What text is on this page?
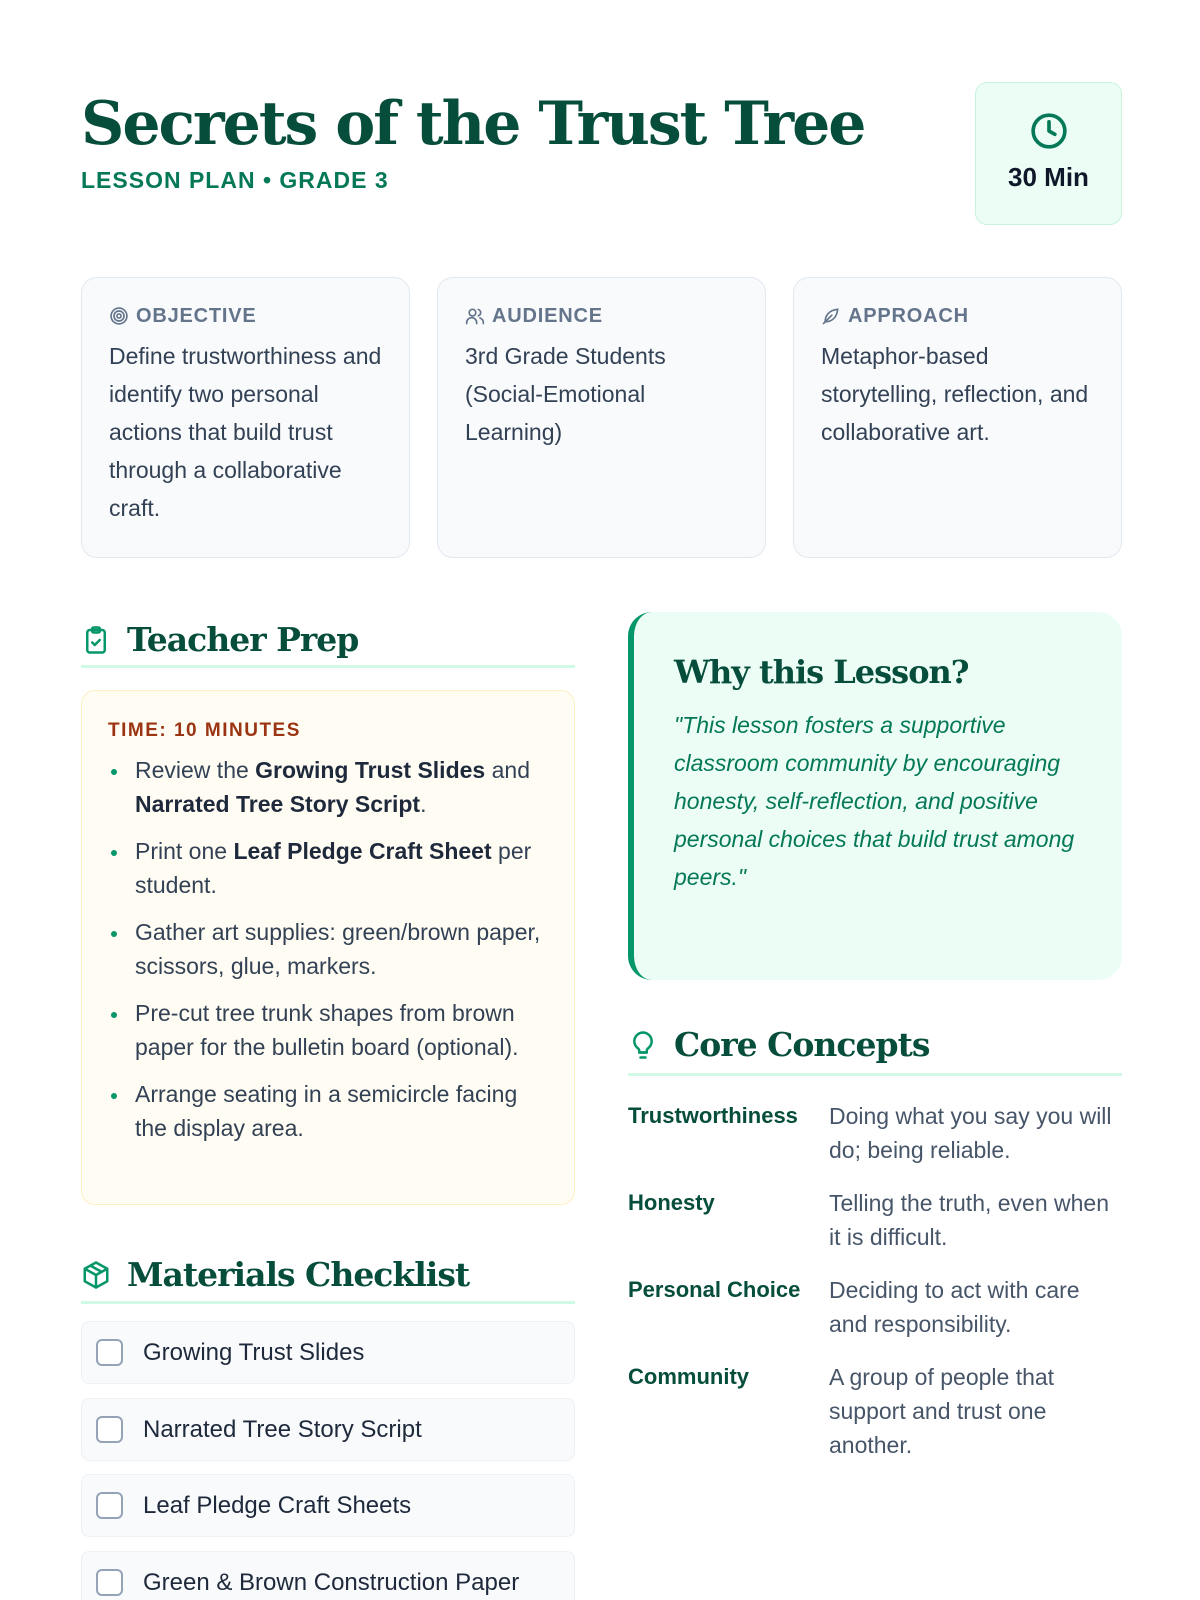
Secrets of the Trust Tree
LESSON PLAN • GRADE 3	30 Min
OBJECTIVE
Define trustworthiness and identify two personal actions that build trust through a collaborative craft.
AUDIENCE
3rd Grade Students (Social-Emotional Learning)
APPROACH
Metaphor-based storytelling, reflection, and collaborative art.
Teacher Prep
TIME: 10 MINUTES
Review the Growing Trust Slides and Narrated Tree Story Script.
Print one Leaf Pledge Craft Sheet per student.
Gather art supplies: green/brown paper, scissors, glue, markers.
Pre-cut tree trunk shapes from brown paper for the bulletin board (optional).
Arrange seating in a semicircle facing the display area.
Materials Checklist
Growing Trust Slides
Narrated Tree Story Script
Leaf Pledge Craft Sheets
Green & Brown Construction Paper
Why this Lesson?

"This lesson fosters a supportive classroom community by encouraging honesty, self-reflection, and positive personal choices that build trust among peers."

Core Concepts
Trustworthiness	Doing what you say you will do; being reliable.
Honesty	Telling the truth, even when it is difficult.
Personal Choice	Deciding to act with care and responsibility.
Community	A group of people that support and trust one another.
